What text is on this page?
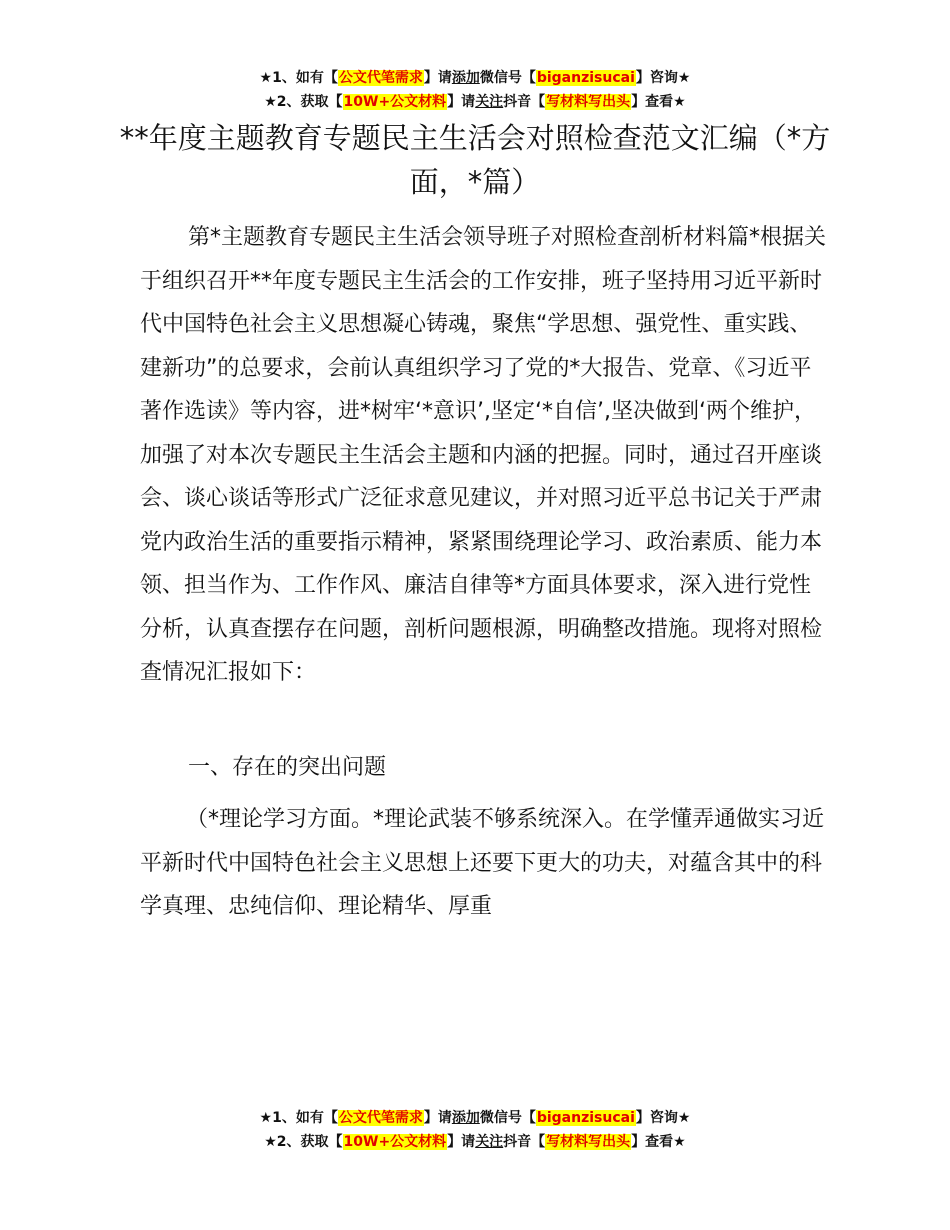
★1、如有【公文代笔需求】请添加微信号【biganzisucai】咨询★
★2、获取【10W+公文材料】请关注抖音【写材料写出头】查看★
**年度主题教育专题民主生活会对照检查范文汇编（*方面，*篇）

第*主题教育专题民主生活会领导班子对照检查剖析材料篇*根据关于组织召开**年度专题民主生活会的工作安排，班子坚持用习近平新时代中国特色社会主义思想凝心铸魂，聚焦“学思想、强党性、重实践、建新功”的总要求，会前认真组织学习了党的*大报告、党章、《习近平著作选读》等内容，进*树牢‘*意识’,坚定‘*自信’,坚决做到‘两个维护，加强了对本次专题民主生活会主题和内涵的把握。同时，通过召开座谈会、谈心谈话等形式广泛征求意见建议，并对照习近平总书记关于严肃党内政治生活的重要指示精神，紧紧围绕理论学习、政治素质、能力本领、担当作为、工作作风、廉洁自律等*方面具体要求，深入进行党性分析，认真查摆存在问题，剖析问题根源，明确整改措施。现将对照检查情况汇报如下：

一、存在的突出问题

（*理论学习方面。*理论武装不够系统深入。在学懂弄通做实习近平新时代中国特色社会主义思想上还要下更大的功夫，对蕴含其中的科学真理、忠纯信仰、理论精华、厚重

★1、如有【公文代笔需求】请添加微信号【biganzisucai】咨询★
★2、获取【10W+公文材料】请关注抖音【写材料写出头】查看★
